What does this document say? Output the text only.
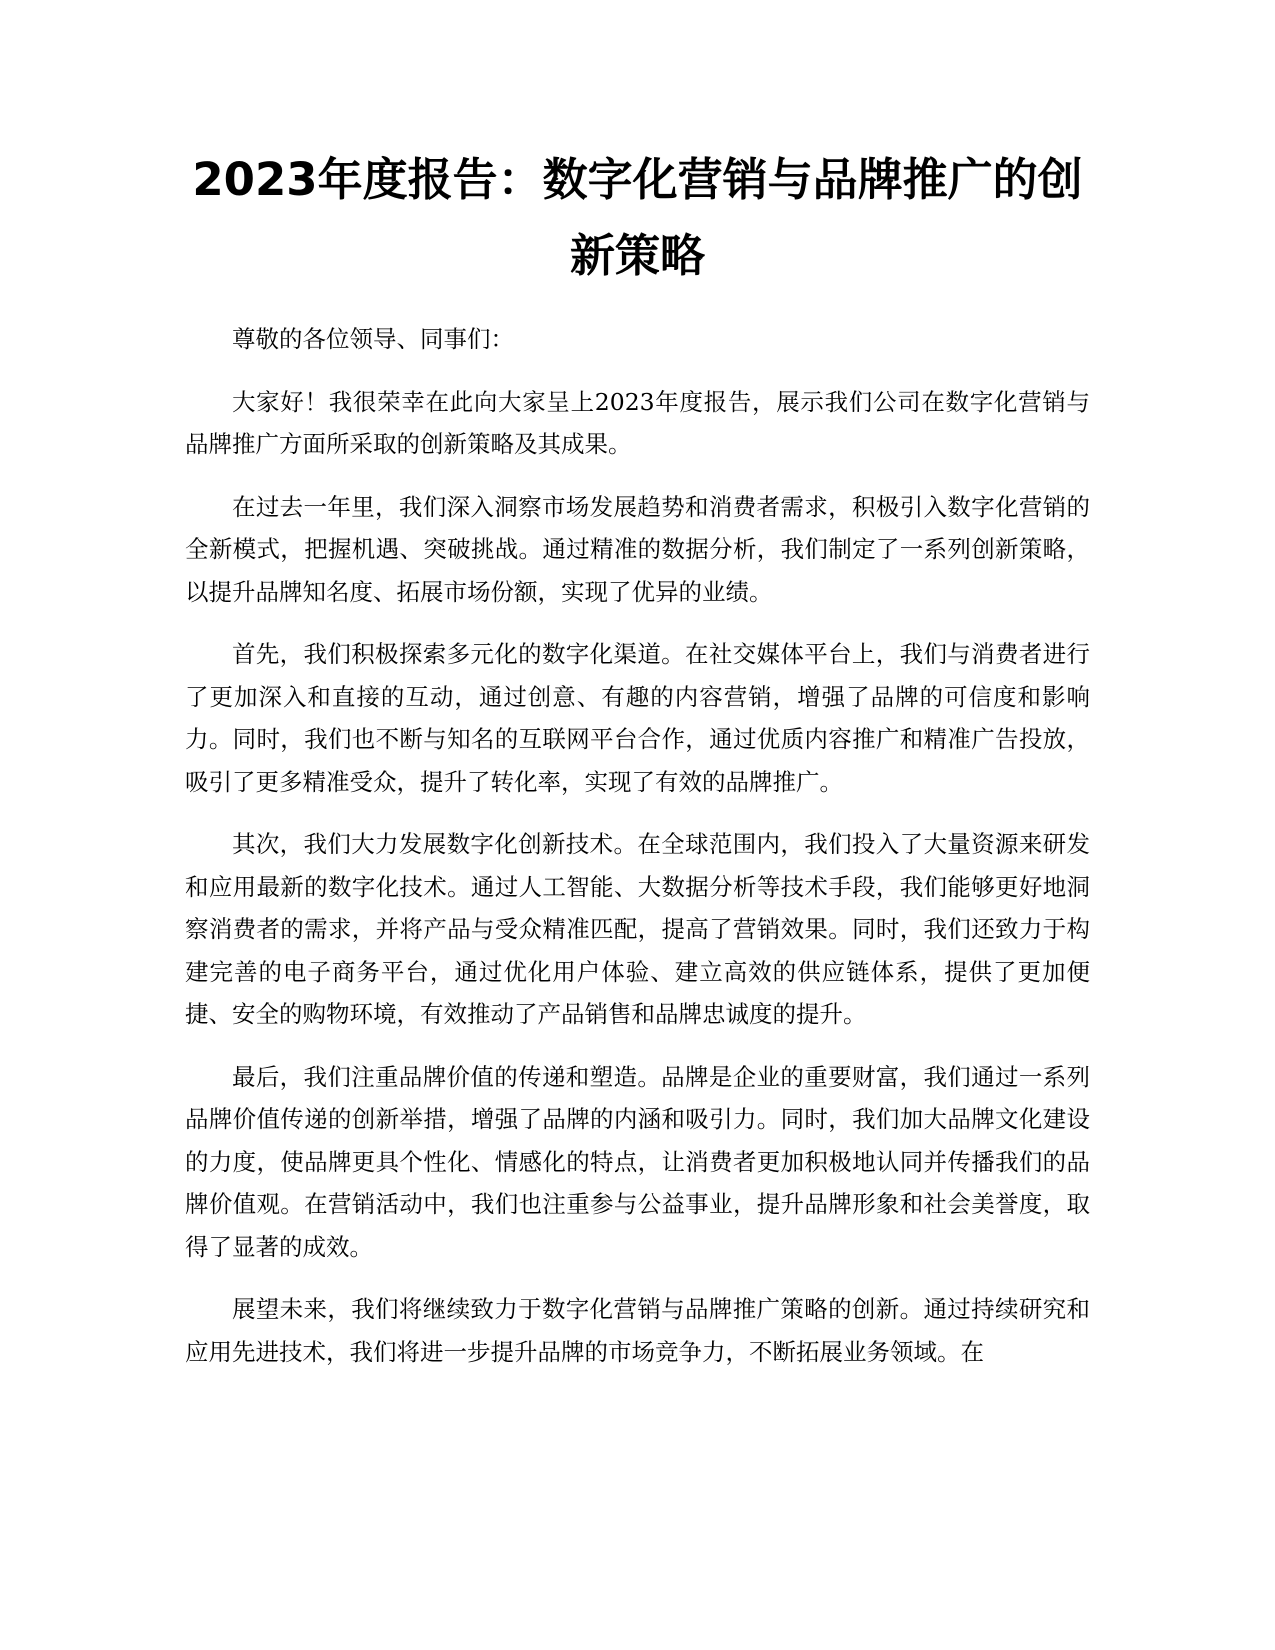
2023年度报告：数字化营销与品牌推广的创新策略

尊敬的各位领导、同事们：

大家好！我很荣幸在此向大家呈上2023年度报告，展示我们公司在数字化营销与品牌推广方面所采取的创新策略及其成果。

在过去一年里，我们深入洞察市场发展趋势和消费者需求，积极引入数字化营销的全新模式，把握机遇、突破挑战。通过精准的数据分析，我们制定了一系列创新策略，以提升品牌知名度、拓展市场份额，实现了优异的业绩。

首先，我们积极探索多元化的数字化渠道。在社交媒体平台上，我们与消费者进行了更加深入和直接的互动，通过创意、有趣的内容营销，增强了品牌的可信度和影响力。同时，我们也不断与知名的互联网平台合作，通过优质内容推广和精准广告投放，吸引了更多精准受众，提升了转化率，实现了有效的品牌推广。

其次，我们大力发展数字化创新技术。在全球范围内，我们投入了大量资源来研发和应用最新的数字化技术。通过人工智能、大数据分析等技术手段，我们能够更好地洞察消费者的需求，并将产品与受众精准匹配，提高了营销效果。同时，我们还致力于构建完善的电子商务平台，通过优化用户体验、建立高效的供应链体系，提供了更加便捷、安全的购物环境，有效推动了产品销售和品牌忠诚度的提升。

最后，我们注重品牌价值的传递和塑造。品牌是企业的重要财富，我们通过一系列品牌价值传递的创新举措，增强了品牌的内涵和吸引力。同时，我们加大品牌文化建设的力度，使品牌更具个性化、情感化的特点，让消费者更加积极地认同并传播我们的品牌价值观。在营销活动中，我们也注重参与公益事业，提升品牌形象和社会美誉度，取得了显著的成效。

展望未来，我们将继续致力于数字化营销与品牌推广策略的创新。通过持续研究和应用先进技术，我们将进一步提升品牌的市场竞争力，不断拓展业务领域。在
